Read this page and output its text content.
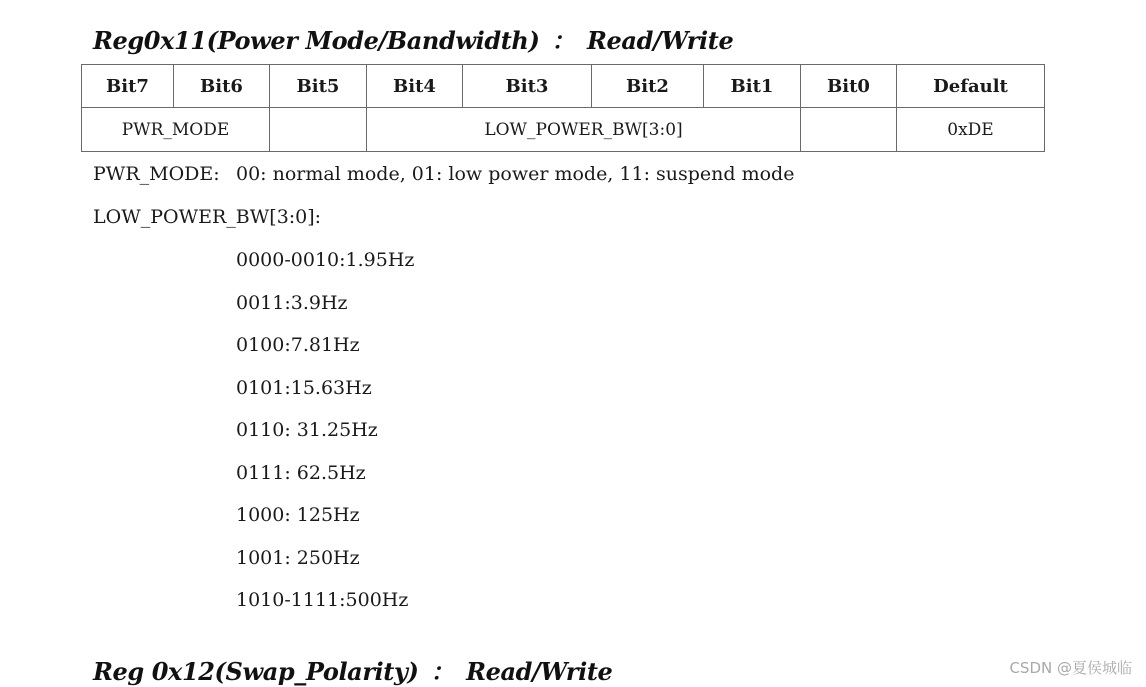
Reg0x11(Power Mode/Bandwidth) ： Read/Write
Bit7	Bit6	Bit5	Bit4	Bit3	Bit2	Bit1	Bit0	Default
PWR_MODE			LOW_POWER_BW[3:0]					0xDE
PWR_MODE: 00: normal mode, 01: low power mode, 11: suspend mode
LOW_POWER_BW[3:0]:
0000-0010:1.95Hz
0011:3.9Hz
0100:7.81Hz
0101:15.63Hz
0110: 31.25Hz
0111: 62.5Hz
1000: 125Hz
1001: 250Hz
1010-1111:500Hz
Reg 0x12(Swap_Polarity) ： Read/Write	CSDN @夏侯城临
